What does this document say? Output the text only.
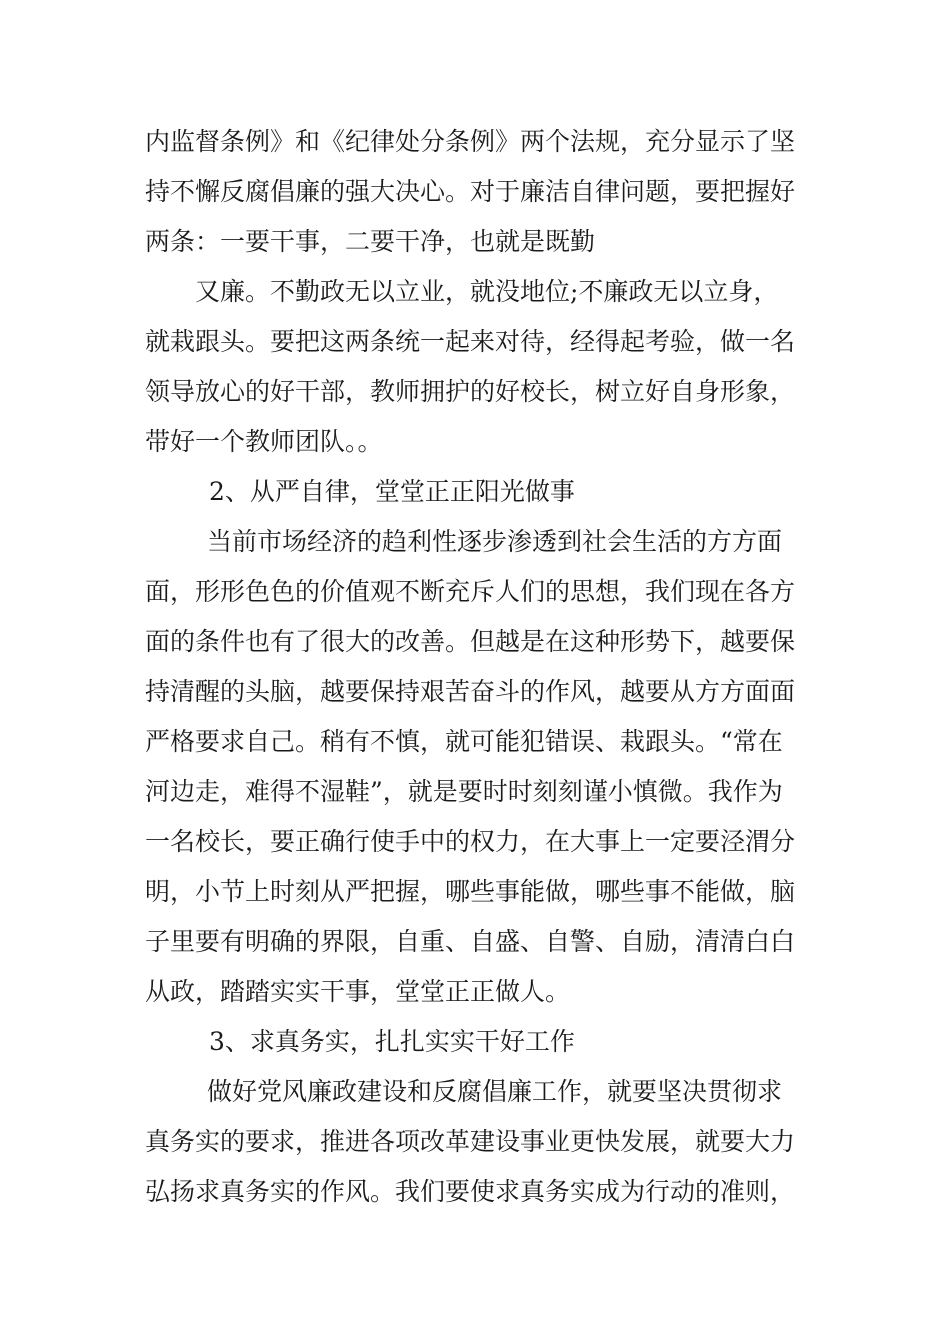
内监督条例》和《纪律处分条例》两个法规，充分显示了坚
持不懈反腐倡廉的强大决心。对于廉洁自律问题，要把握好
两条：一要干事，二要干净，也就是既勤
又廉。不勤政无以立业，就没地位;不廉政无以立身，
就栽跟头。要把这两条统一起来对待，经得起考验，做一名
领导放心的好干部，教师拥护的好校长，树立好自身形象，
带好一个教师团队。。
2、从严自律，堂堂正正阳光做事
当前市场经济的趋利性逐步渗透到社会生活的方方面
面，形形色色的价值观不断充斥人们的思想，我们现在各方
面的条件也有了很大的改善。但越是在这种形势下，越要保
持清醒的头脑，越要保持艰苦奋斗的作风，越要从方方面面
严格要求自己。稍有不慎，就可能犯错误、栽跟头。“常在
河边走，难得不湿鞋”，就是要时时刻刻谨小慎微。我作为
一名校长，要正确行使手中的权力，在大事上一定要泾渭分
明，小节上时刻从严把握，哪些事能做，哪些事不能做，脑
子里要有明确的界限，自重、自盛、自警、自励，清清白白
从政，踏踏实实干事，堂堂正正做人。
3、求真务实，扎扎实实干好工作
做好党风廉政建设和反腐倡廉工作，就要坚决贯彻求
真务实的要求，推进各项改革建设事业更快发展，就要大力
弘扬求真务实的作风。我们要使求真务实成为行动的准则，
